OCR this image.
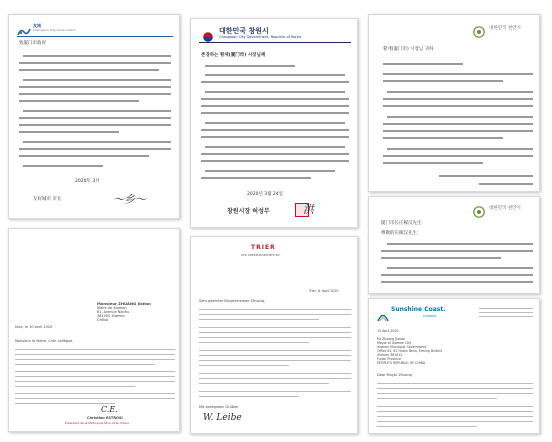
友城
Changwon City Government
致厦门市政府
2020年 3月
友好城市 市长	～乡～
대한민국 창원시
Changwon City Government, Republic of Korea
존경하는 황재(厦门市) 시장님께
2020년 3월 24일
창원시장 허성무	洪
대한민국 천안시
황재(厦门市) 시장님 귀하
대한민국 천안시
厦门市长庄稼汉先生：
尊敬的庄稼汉先生：
Monsieur ZHUANG Jiahan
Maire de Xiamen
61, Avenue Nanhu
361000 Xiamen
CHINA
Nice, le 10 avril 2020
Monsieur le Maire, Cher collègue,
C.E.
Christian ESTROSI
Président de la Métropole Nice Côte d'Azur
TRIER
DER OBERBÜRGERMEISTER
Trier, 8. April 2020
Sehr geehrter Bürgermeister Zhuang,
Mit kollegialen Grüßen
W. Leibe
Sunshine Coast.
COUNCIL
15 April 2020
Mr Zhuang Jiahan
Mayor of Xiamen City
Xiamen Municipal Government
Office 61, 61 Hubin Beilu, Siming District
Xiamen 361012
Fujian Province
PEOPLE'S REPUBLIC OF CHINA
Dear Mayor Zhuang
